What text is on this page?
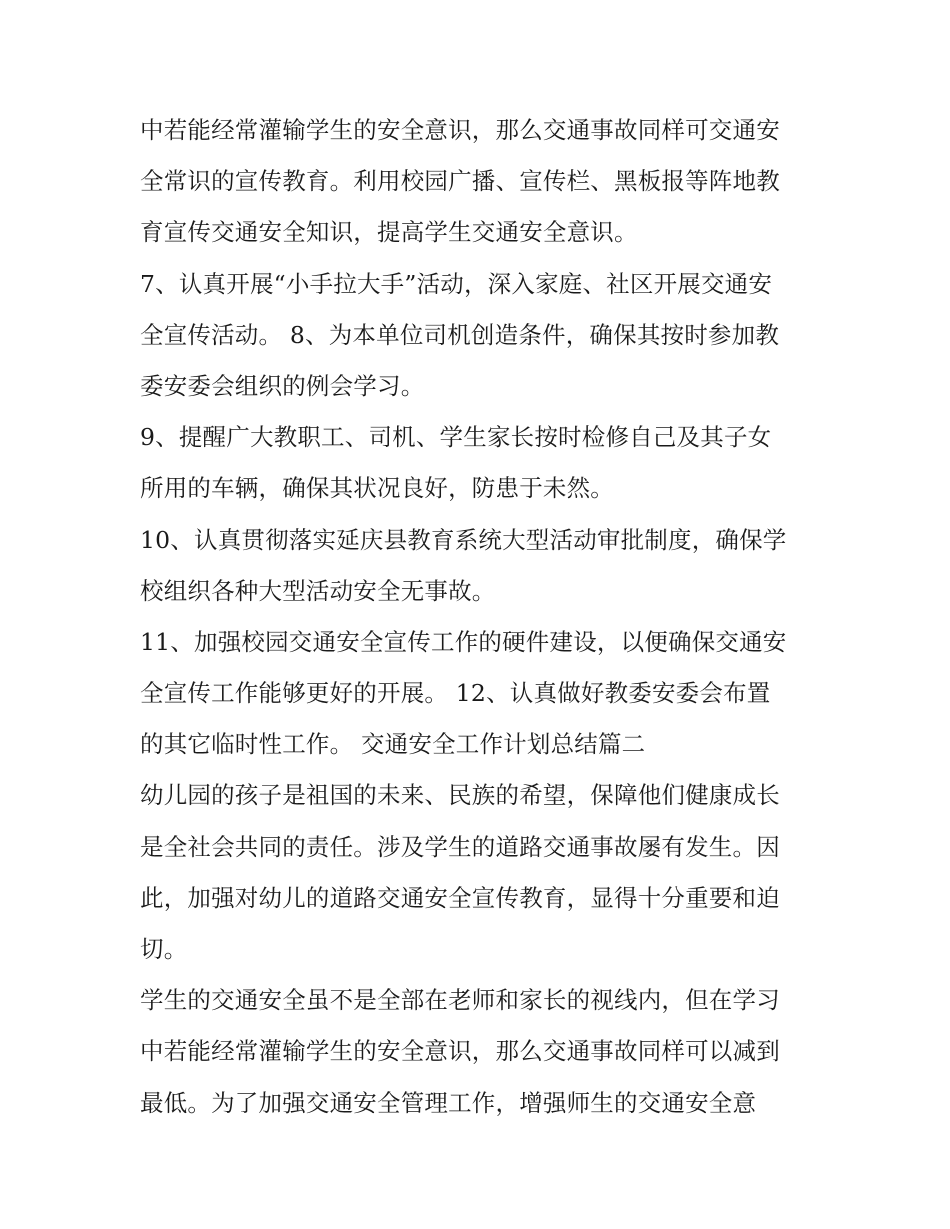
中若能经常灌输学生的安全意识，那么交通事故同样可交通安
全常识的宣传教育。利用校园广播、宣传栏、黑板报等阵地教
育宣传交通安全知识，提高学生交通安全意识。
7、认真开展“小手拉大手”活动，深入家庭、社区开展交通安
全宣传活动。 8、为本单位司机创造条件，确保其按时参加教
委安委会组织的例会学习。
9、提醒广大教职工、司机、学生家长按时检修自己及其子女
所用的车辆，确保其状况良好，防患于未然。
10、认真贯彻落实延庆县教育系统大型活动审批制度，确保学
校组织各种大型活动安全无事故。
11、加强校园交通安全宣传工作的硬件建设，以便确保交通安
全宣传工作能够更好的开展。 12、认真做好教委安委会布置
的其它临时性工作。 交通安全工作计划总结篇二
幼儿园的孩子是祖国的未来、民族的希望，保障他们健康成长
是全社会共同的责任。涉及学生的道路交通事故屡有发生。因
此，加强对幼儿的道路交通安全宣传教育，显得十分重要和迫
切。
学生的交通安全虽不是全部在老师和家长的视线内，但在学习
中若能经常灌输学生的安全意识，那么交通事故同样可以减到
最低。为了加强交通安全管理工作，增强师生的交通安全意
